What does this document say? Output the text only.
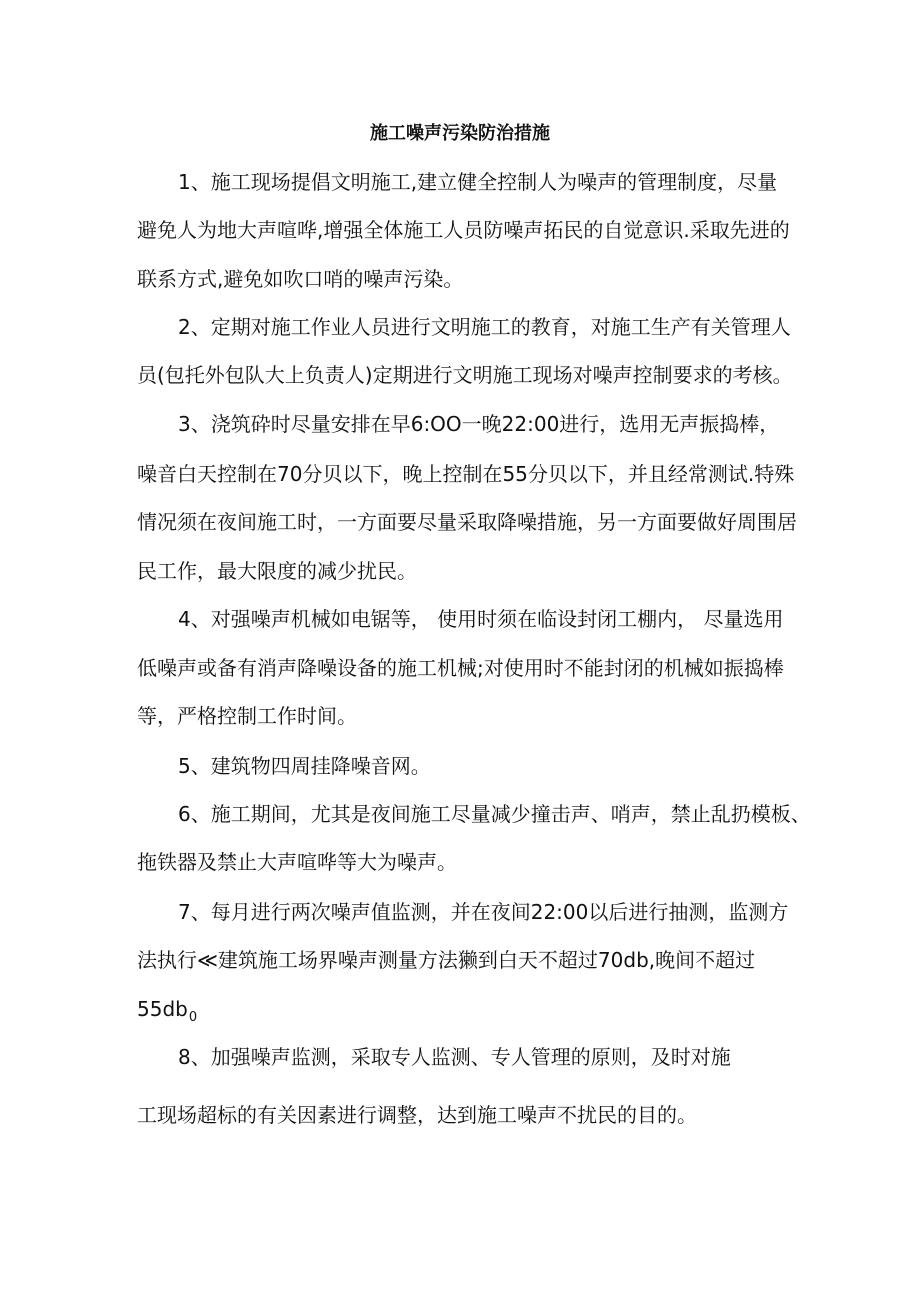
施工噪声污染防治措施
1、施工现场提倡文明施工,建立健全控制人为噪声的管理制度，尽量
避免人为地大声喧哗,增强全体施工人员防噪声拓民的自觉意识.采取先进的
联系方式,避免如吹口哨的噪声污染。
2、定期对施工作业人员进行文明施工的教育，对施工生产有关管理人
员(包托外包队大上负责人)定期进行文明施工现场对噪声控制要求的考核。
3、浇筑砕时尽量安排在早6:OO一晚22:00进行，选用无声振捣棒，
噪音白天控制在70分贝以下，晚上控制在55分贝以下，并且经常测试.特殊
情况须在夜间施工时，一方面要尽量采取降噪措施，另一方面要做好周围居
民工作，最大限度的减少扰民。
4、对强噪声机械如电锯等， 使用时须在临设封闭工棚内， 尽量选用
低噪声或备有消声降噪设备的施工机械;对使用时不能封闭的机械如振捣棒
等，严格控制工作时间。
5、建筑物四周挂降噪音网。
6、施工期间，尤其是夜间施工尽量减少撞击声、哨声，禁止乱扔模板、
拖铁器及禁止大声喧哗等大为噪声。
7、每月进行两次噪声值监测，并在夜间22:00以后进行抽测，监测方
法执行≪建筑施工场界噪声测量方法獭到白天不超过70db,晚间不超过
$55db_0$
8、加强噪声监测，采取专人监测、专人管理的原则，及时对施
工现场超标的有关因素进行调整，达到施工噪声不扰民的目的。
